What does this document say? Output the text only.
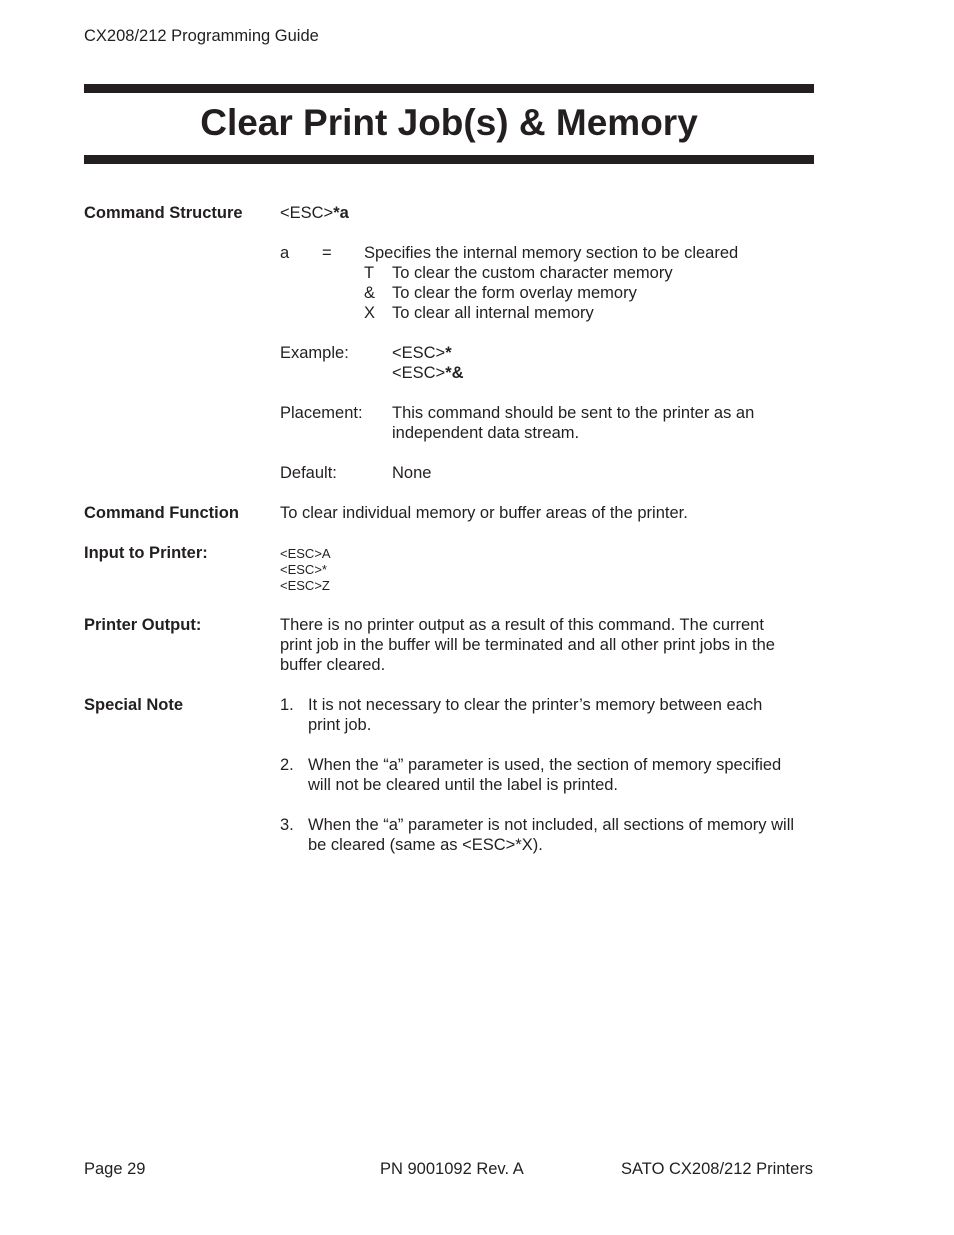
CX208/212 Programming Guide
Clear Print Job(s) & Memory
Command Structure <ESC>*a
a = Specifies the internal memory section to be cleared
T To clear the custom character memory
& To clear the form overlay memory
X To clear all internal memory
Example:	<ESC>*
<ESC>*&
Placement: This command should be sent to the printer as an
independent data stream.
Default:	None
Command Function To clear individual memory or buffer areas of the printer.
Input to Printer:	<ESC>A
<ESC>*
<ESC>Z
Printer Output:	There is no printer output as a result of this command. The current
print job in the buffer will be terminated and all other print jobs in the
buffer cleared.
Special Note	1. It is not necessary to clear the printer’s memory between each
print job.
2. When the “a” parameter is used, the section of memory specified
will not be cleared until the label is printed.
3. When the “a” parameter is not included, all sections of memory will
be cleared (same as <ESC>*X).
Page 29	PN 9001092 Rev. A	SATO CX208/212 Printers
